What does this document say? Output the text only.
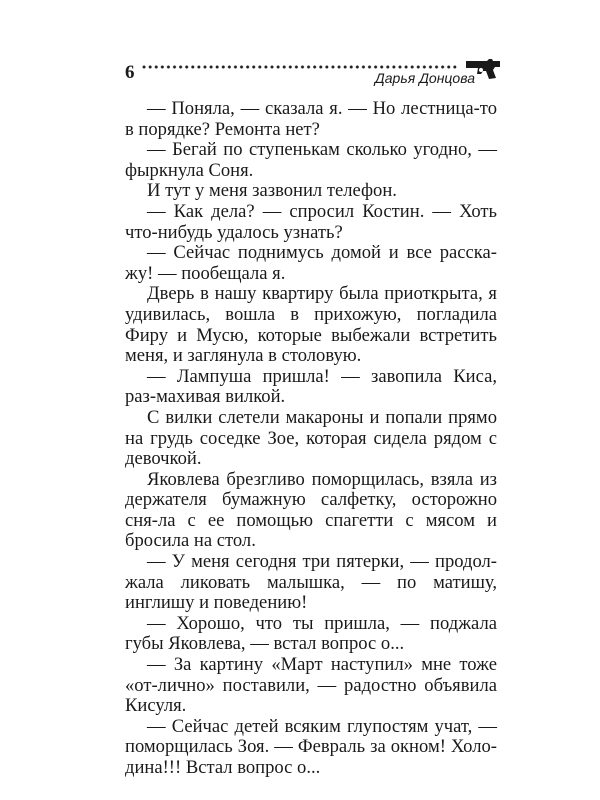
6	Дарья Донцова

— Поняла, — сказала я. — Но лестница-то в порядке? Ремонта нет?

— Бегай по ступенькам сколько угодно, — фыркнула Соня.

И тут у меня зазвонил телефон.

— Как дела? — спросил Костин. — Хоть что-нибудь удалось узнать?

— Сейчас поднимусь домой и все расска-жу! — пообещала я.

Дверь в нашу квартиру была приоткрыта, я удивилась, вошла в прихожую, погладила Фиру и Мусю, которые выбежали встретить меня, и заглянула в столовую.

— Лампуша пришла! — завопила Киса, раз-махивая вилкой.

С вилки слетели макароны и попали прямо на грудь соседке Зое, которая сидела рядом с девочкой.

Яковлева брезгливо поморщилась, взяла из держателя бумажную салфетку, осторожно сня-ла с ее помощью спагетти с мясом и бросила на стол.

— У меня сегодня три пятерки, — продол-жала ликовать малышка, — по матишу, инглишу и поведению!

— Хорошо, что ты пришла, — поджала губы Яковлева, — встал вопрос о...

— За картину «Март наступил» мне тоже «от-лично» поставили, — радостно объявила Кисуля.

— Сейчас детей всяким глупостям учат, — поморщилась Зоя. — Февраль за окном! Холо-дина!!! Встал вопрос о...
